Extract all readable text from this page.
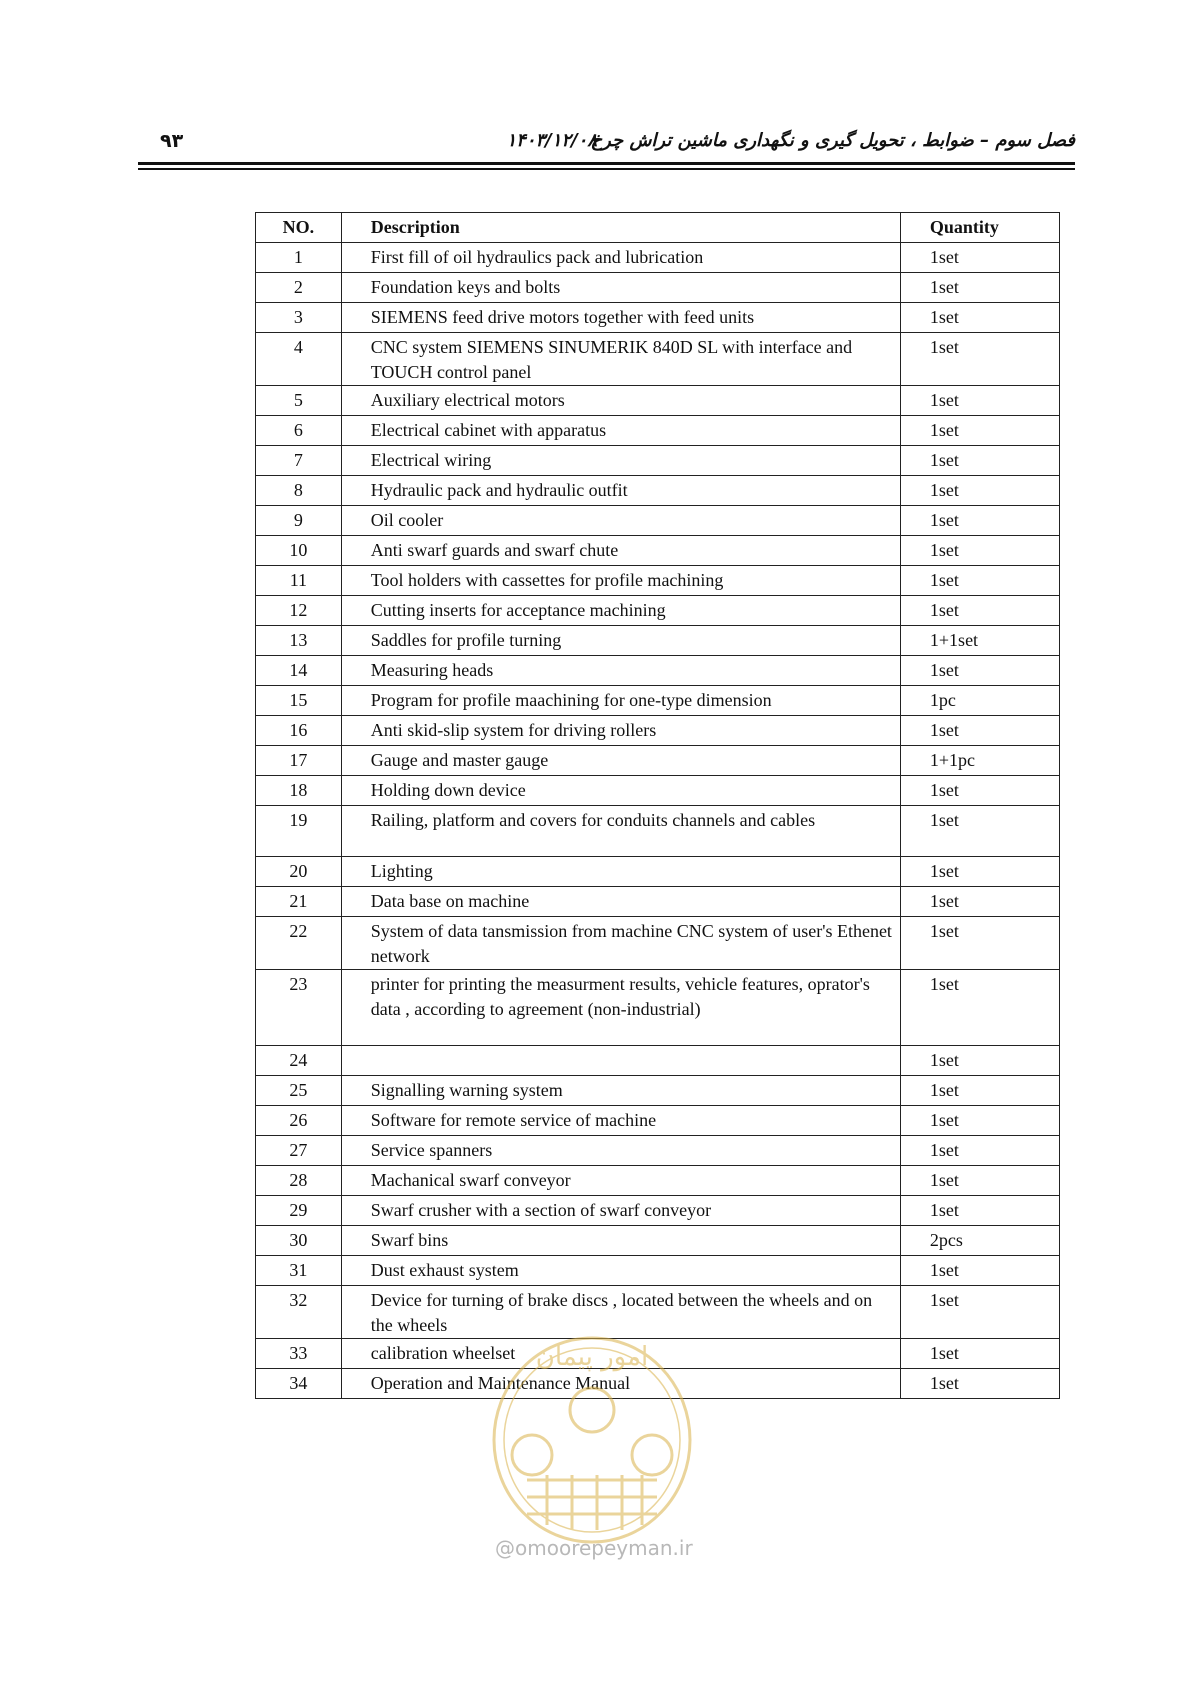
۹۳	۱۴۰۳/۱۲/۰۸
فصل سوم – ضوابط ، تحویل گیری و نگهداری ماشین تراش چرخ
NO.	Description	Quantity
1	First fill of oil hydraulics pack and lubrication	1set
2	Foundation keys and bolts	1set
3	SIEMENS feed drive motors together with feed units	1set
4	CNC system SIEMENS SINUMERIK 840D SL with interface and TOUCH control panel	1set
5	Auxiliary electrical motors	1set
6	Electrical cabinet with apparatus	1set
7	Electrical wiring	1set
8	Hydraulic pack and hydraulic outfit	1set
9	Oil cooler	1set
10	Anti swarf guards and swarf chute	1set
11	Tool holders with cassettes for profile machining	1set
12	Cutting inserts for acceptance machining	1set
13	Saddles for profile turning	1+1set
14	Measuring heads	1set
15	Program for profile maachining for one-type dimension	1pc
16	Anti skid-slip system for driving rollers	1set
17	Gauge and master gauge	1+1pc
18	Holding down device	1set
19	Railing, platform and covers for conduits channels and cables	1set
20	Lighting	1set
21	Data base on machine	1set
22	System of data tansmission from machine CNC system of user's Ethenet network	1set
23	printer for printing the measurment results, vehicle features, oprator's data , according to agreement (non-industrial)	1set
24		1set
25	Signalling warning system	1set
26	Software for remote service of machine	1set
27	Service spanners	1set
28	Machanical swarf conveyor	1set
29	Swarf crusher with a section of swarf conveyor	1set
30	Swarf bins	2pcs
31	Dust exhaust system	1set
32	Device for turning of brake discs , located between the wheels and on the wheels	1set
33	calibration wheelset	1set
34	Operation and Maintenance Manual	1set
امور پیمان
@omoorepeyman.ir
